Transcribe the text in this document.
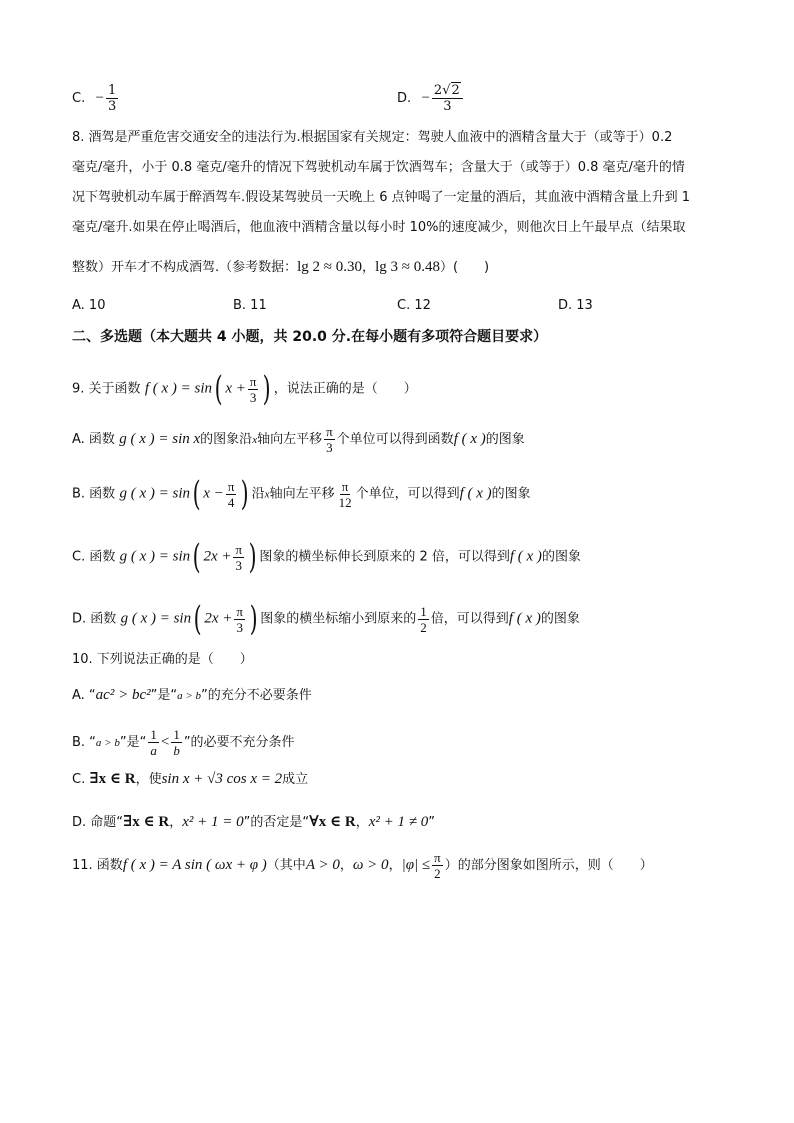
C. − $\frac{1}{3}$	D. − $\frac{2√2}{3}$
8. 酒驾是严重危害交通安全的违法行为.根据国家有关规定：驾驶人血液中的酒精含量大于（或等于）0.2
毫克/毫升，小于 0.8 毫克/毫升的情况下驾驶机动车属于饮酒驾车；含量大于（或等于）0.8 毫克/毫升的情
况下驾驶机动车属于醉酒驾车.假设某驾驶员一天晚上 6 点钟喝了一定量的酒后，其血液中酒精含量上升到 1
毫克/毫升.如果在停止喝酒后，他血液中酒精含量以每小时 10%的速度减少，则他次日上午最早点（结果取
整数）开车才不构成酒驾.（参考数据：lg 2 ≈ 0.30，lg 3 ≈ 0.48）(　　)
A. 10	B. 11	C. 12	D. 13
二、多选题（本大题共 4 小题，共 20.0 分.在每小题有多项符合题目要求）
9. 关于函数 f ( x ) = sin( $x + \frac{\pi}{3}$ ) ，说法正确的是（　　）
A. 函数 g ( x ) = sin x的图象沿x轴向左平移 $\frac{\pi}{3}$ 个单位可以得到函数f ( x )的图象
B. 函数 g ( x ) = sin( $x - \frac{\pi}{4}$ ) 沿x轴向左平移 $\frac{\pi}{12}$ 个单位，可以得到f ( x )的图象
C. 函数 g ( x ) = sin( $2x + \frac{\pi}{3}$ ) 图象的横坐标伸长到原来的 2 倍，可以得到f ( x )的图象
D. 函数 g ( x ) = sin( $2x + \frac{\pi}{3}$ ) 图象的横坐标缩小到原来的 $\frac{1}{2}$ 倍，可以得到f ( x )的图象
10. 下列说法正确的是（　　）
A. “ac² > bc²”是“a > b”的充分不必要条件
B. “a > b”是“ $\frac{1}{a} < \frac{1}{b}$ ”的必要不充分条件
C. ∃x ∈ R，使sin x + √3 cos x = 2成立
D. 命题“∃x ∈ R，x² + 1 = 0”的否定是“∀x ∈ R，x² + 1 ≠ 0”
11. 函数f ( x ) = A sin ( ωx + φ )（其中A > 0，ω > 0，$|\varphi| \le \frac{\pi}{2}$ ）的部分图象如图所示，则（　　）
